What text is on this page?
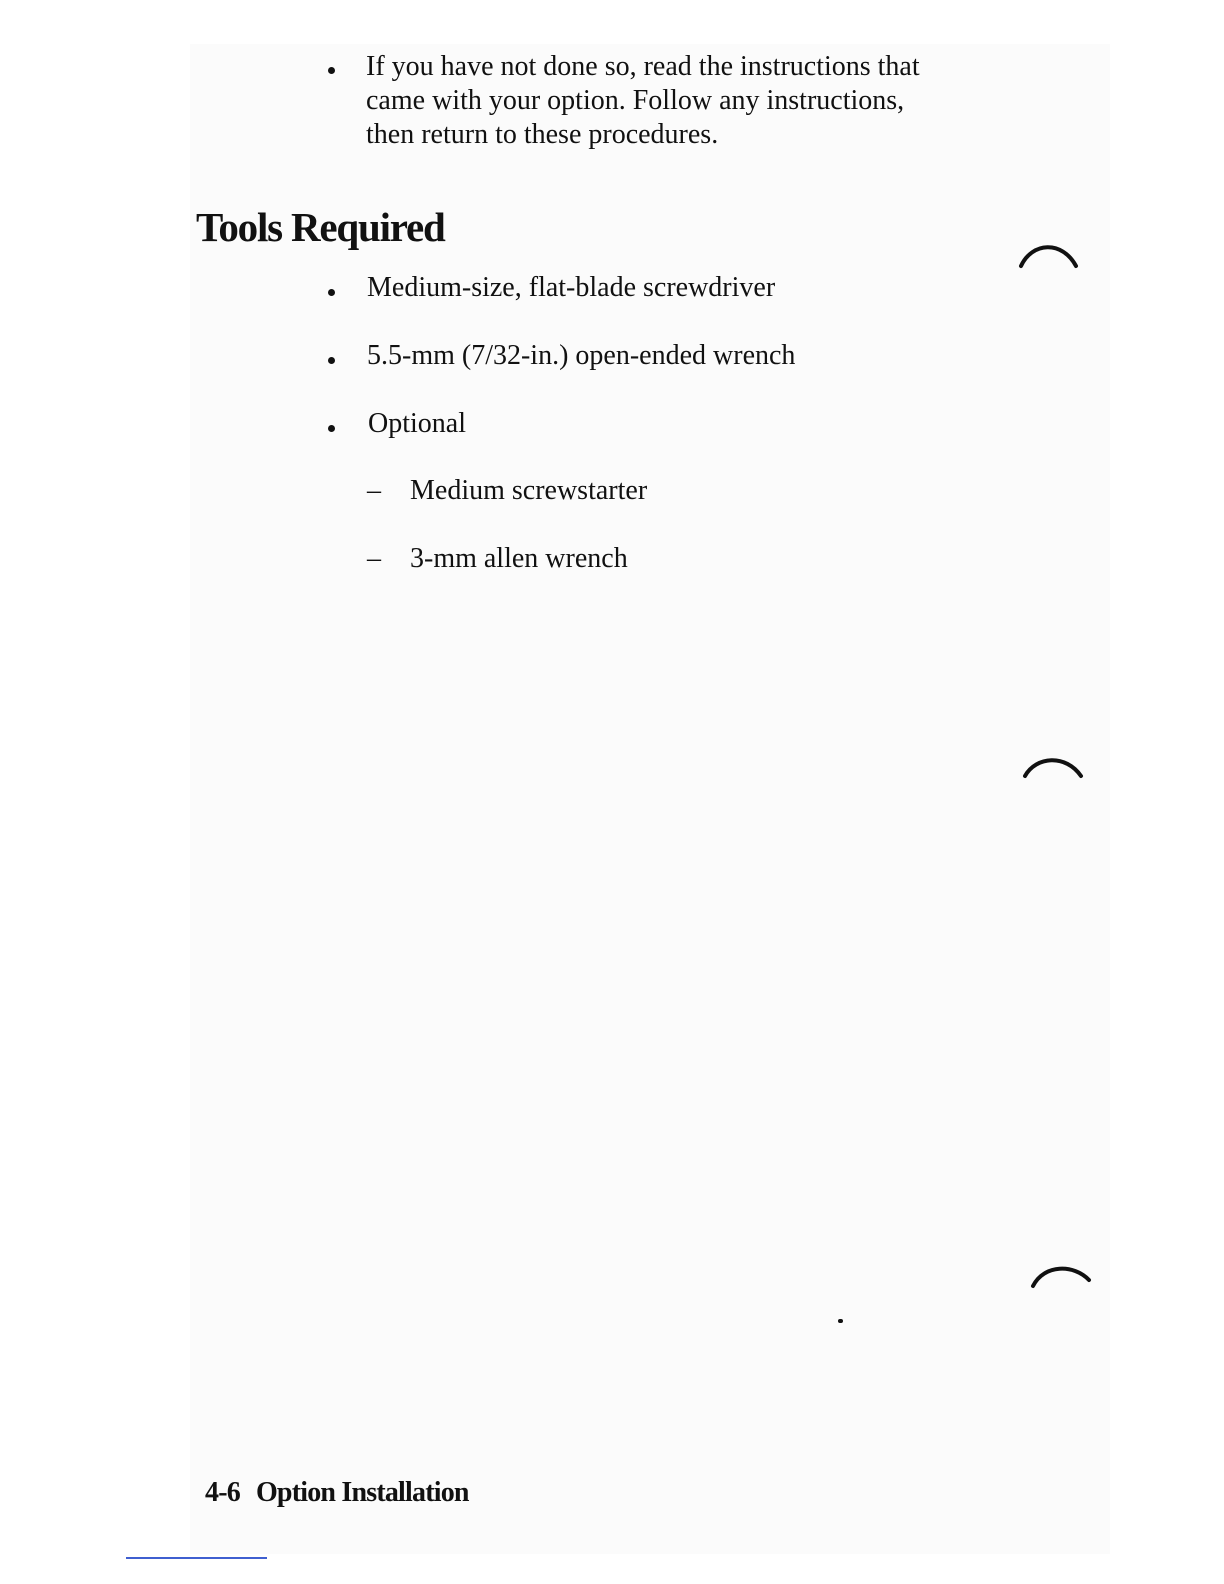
If you have not done so, read the instructions that
came with your option. Follow any instructions,
then return to these procedures.
Tools Required
Medium-size, flat-blade screwdriver
5.5-mm (7/32-in.) open-ended wrench
Optional
– Medium screwstarter
– 3-mm allen wrench
4-6 Option Installation
